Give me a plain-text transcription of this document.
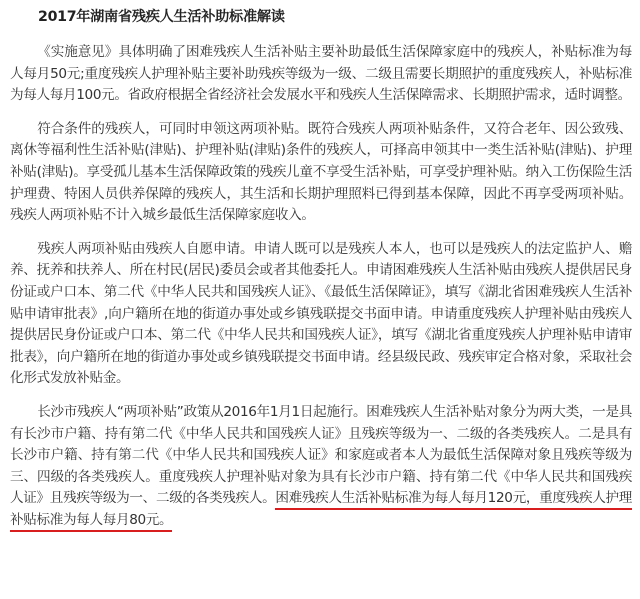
2017年湖南省残疾人生活补助标准解读

《实施意见》具体明确了困难残疾人生活补贴主要补助最低生活保障家庭中的残疾人，补贴标准为每人每月50元;重度残疾人护理补贴主要补助残疾等级为一级、二级且需要长期照护的重度残疾人，补贴标准为每人每月100元。省政府根据全省经济社会发展水平和残疾人生活保障需求、长期照护需求，适时调整。

符合条件的残疾人，可同时申领这两项补贴。既符合残疾人两项补贴条件，又符合老年、因公致残、离休等福利性生活补贴(津贴)、护理补贴(津贴)条件的残疾人，可择高申领其中一类生活补贴(津贴)、护理补贴(津贴)。享受孤儿基本生活保障政策的残疾儿童不享受生活补贴，可享受护理补贴。纳入工伤保险生活护理费、特困人员供养保障的残疾人，其生活和长期护理照料已得到基本保障，因此不再享受两项补贴。残疾人两项补贴不计入城乡最低生活保障家庭收入。

残疾人两项补贴由残疾人自愿申请。申请人既可以是残疾人本人，也可以是残疾人的法定监护人、赡养、抚养和扶养人、所在村民(居民)委员会或者其他委托人。申请困难残疾人生活补贴由残疾人提供居民身份证或户口本、第二代《中华人民共和国残疾人证》、《最低生活保障证》，填写《湖北省困难残疾人生活补贴申请审批表》,向户籍所在地的街道办事处或乡镇残联提交书面申请。申请重度残疾人护理补贴由残疾人提供居民身份证或户口本、第二代《中华人民共和国残疾人证》，填写《湖北省重度残疾人护理补贴申请审批表》，向户籍所在地的街道办事处或乡镇残联提交书面申请。经县级民政、残疾审定合格对象，采取社会化形式发放补贴金。

长沙市残疾人“两项补贴”政策从2016年1月1日起施行。困难残疾人生活补贴对象分为两大类，一是具有长沙市户籍、持有第二代《中华人民共和国残疾人证》且残疾等级为一、二级的各类残疾人。二是具有长沙市户籍、持有第二代《中华人民共和国残疾人证》和家庭或者本人为最低生活保障对象且残疾等级为三、四级的各类残疾人。重度残疾人护理补贴对象为具有长沙市户籍、持有第二代《中华人民共和国残疾人证》且残疾等级为一、二级的各类残疾人。困难残疾人生活补贴标准为每人每月120元，重度残疾人护理补贴标准为每人每月80元。
